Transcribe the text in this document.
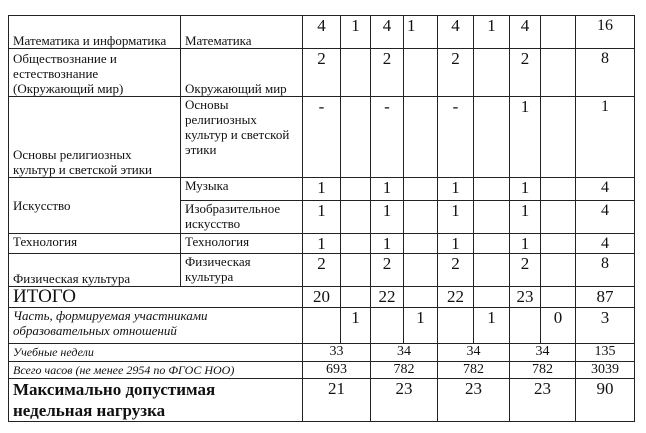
Математика и информатика	Математика	4	1	4	1	4	1	4		16
Обществознание и естествознание (Окружающий мир)	Окружающий мир	2		2		2		2		8
Основы религиозных культур и светской этики	Основы религиозных культур и светской этики	-		-		-		1		1
Искусство	Музыка	1		1		1		1		4
	Изобразительное искусство	1		1		1		1		4
Технология	Технология	1		1		1		1		4
Физическая культура	Физическая культура	2		2		2		2		8
ИТОГО		20		22		22		23		87
Часть, формируемая участниками образовательных отношений			1		1		1		0	3
Учебные недели		33		34		34		34		135
Всего часов (не менее 2954 по ФГОС НОО)		693		782		782		782		3039
Максимально допустимая недельная нагрузка		21		23		23		23		90
